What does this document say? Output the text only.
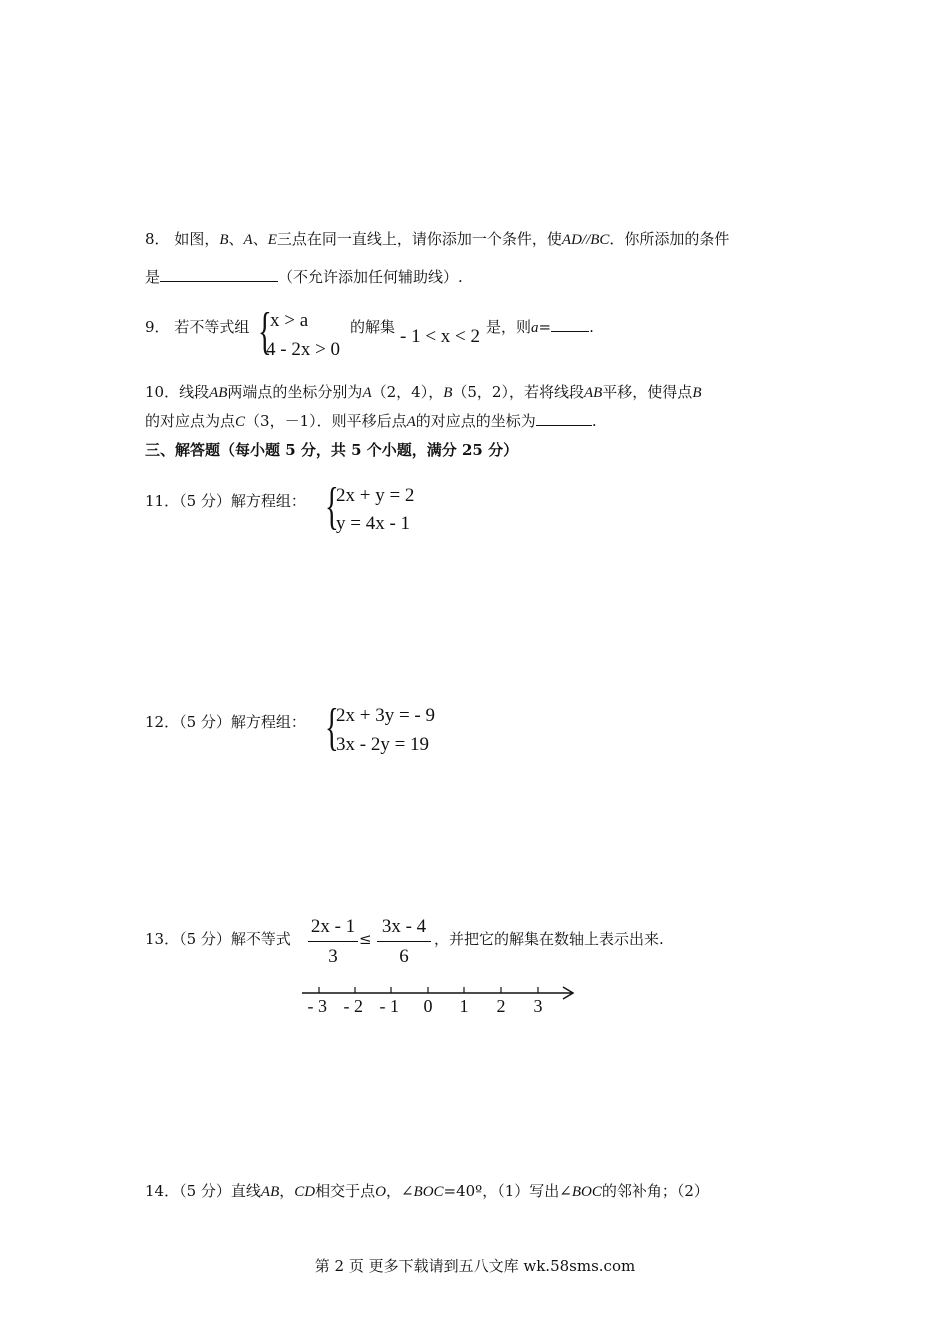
8． 如图，B、A、E三点在同一直线上，请你添加一个条件，使AD//BC．你所添加的条件
是	（不允许添加任何辅助线）.
9． 若不等式组 {
x > a
4 - 2x > 0
的解集 - 1 < x < 2 是，则a=	.
10．线段AB两端点的坐标分别为A（2，4），B（5，2），若将线段AB平移，使得点B
的对应点为点C（3，－1）．则平移后点A的对应点的坐标为	.
三、解答题（每小题 5 分，共 5 个小题，满分 25 分）
11．（5 分）解方程组： {
2x + y = 2
y = 4x - 1
12．（5 分）解方程组： {
2x + 3y = - 9
3x - 2y = 19
13．（5 分）解不等式
2x - 1
3
≤
3x - 4
6
，并把它的解集在数轴上表示出来.
- 3 - 2 - 1 0 1 2 3
14．（5 分）直线AB，CD相交于点O，∠BOC=40º，（1）写出∠BOC的邻补角；（2）
第 2 页 更多下载请到五八文库 wk.58sms.com
